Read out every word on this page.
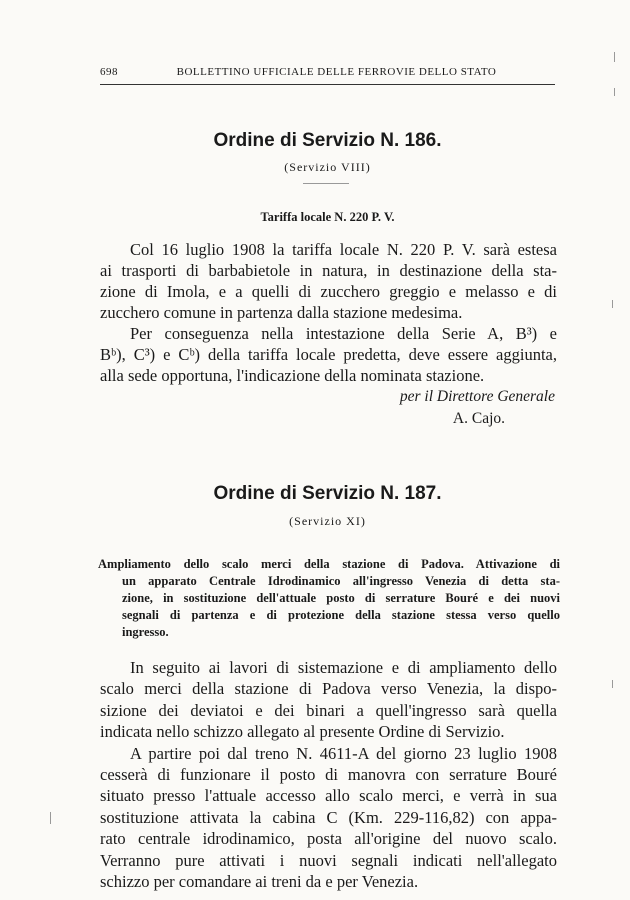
698	BOLLETTINO UFFICIALE DELLE FERROVIE DELLO STATO
Ordine di Servizio N. 186.
(Servizio VIII)
Tariffa locale N. 220 P. V.
Col 16 luglio 1908 la tariffa locale N. 220 P. V. sarà estesa
ai trasporti di barbabietole in natura, in destinazione della sta-
zione di Imola, e a quelli di zucchero greggio e melasso e di
zucchero comune in partenza dalla stazione medesima.
Per conseguenza nella intestazione della Serie A, B³) e
Bᵇ), C³) e Cᵇ) della tariffa locale predetta, deve essere aggiunta,
alla sede opportuna, l'indicazione della nominata stazione.
per il Direttore Generale
A. Cajo.
Ordine di Servizio N. 187.
(Servizio XI)
Ampliamento dello scalo merci della stazione di Padova. Attivazione di
un apparato Centrale Idrodinamico all'ingresso Venezia di detta sta-
zione, in sostituzione dell'attuale posto di serrature Bouré e dei nuovi
segnali di partenza e di protezione della stazione stessa verso quello
ingresso.
In seguito ai lavori di sistemazione e di ampliamento dello
scalo merci della stazione di Padova verso Venezia, la dispo-
sizione dei deviatoi e dei binari a quell'ingresso sarà quella
indicata nello schizzo allegato al presente Ordine di Servizio.
A partire poi dal treno N. 4611-A del giorno 23 luglio 1908
cesserà di funzionare il posto di manovra con serrature Bouré
situato presso l'attuale accesso allo scalo merci, e verrà in sua
sostituzione attivata la cabina C (Km. 229-116,82) con appa-
rato centrale idrodinamico, posta all'origine del nuovo scalo.
Verranno pure attivati i nuovi segnali indicati nell'allegato
schizzo per comandare ai treni da e per Venezia.
